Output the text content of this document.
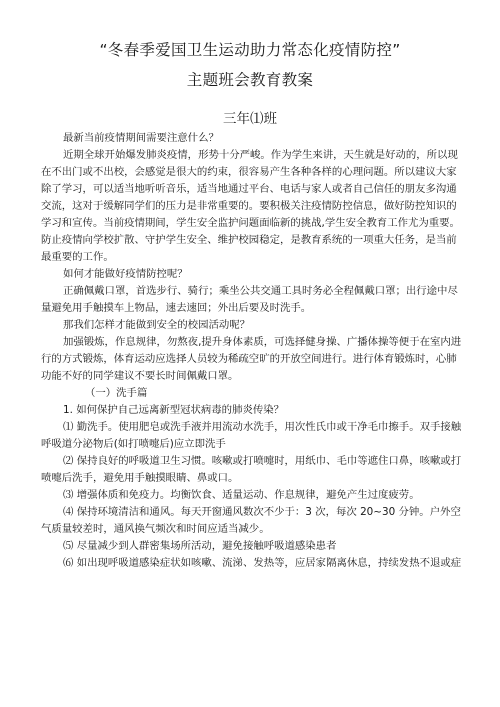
“冬春季爱国卫生运动助力常态化疫情防控”
主题班会教育教案
三年⑴班

最新当前疫情期间需要注意什么？

近期全球开始爆发肺炎疫情，形势十分严峻。作为学生来讲，天生就是好动的，所以现在不出门或不出校，会感觉是很大的约束，很容易产生各种各样的心理问题。所以建议大家除了学习，可以适当地听听音乐，适当地通过平台、电话与家人或者自己信任的朋友多沟通交流，这对于缓解同学们的压力是非常重要的。要积极关注疫情防控信息，做好防控知识的学习和宣传。当前疫情期间，学生安全监护问题面临新的挑战,学生安全教育工作尤为重要。防止疫情向学校扩散、守护学生安全、维护校园稳定，是教育系统的一项重大任务，是当前最重要的工作。

如何才能做好疫情防控呢？

正确佩戴口罩，首选步行、骑行；乘坐公共交通工具时务必全程佩戴口罩；出行途中尽量避免用手触摸车上物品，速去速回；外出后要及时洗手。

那我们怎样才能做到安全的校园活动呢？

加强锻炼，作息规律，勿熬夜,提升身体素质，可选择健身操、广播体操等便于在室内进行的方式锻炼，体育运动应选择人员较为稀疏空旷的开放空间进行。进行体育锻炼时，心肺功能不好的同学建议不要长时间佩戴口罩。

（一）洗手篇

1. 如何保护自己远离新型冠状病毒的肺炎传染？

⑴ 勤洗手。使用肥皂或洗手液并用流动水洗手，用次性氏巾或干净毛巾擦手。双手接触呼吸道分泌物后(如打喷嚏后)应立即洗手

⑵ 保持良好的呼吸道卫生习惯。咳嗽或打喷嚏时，用纸巾、毛巾等遮住口鼻，咳嗽或打喷嚏后洗手，避免用手触摸眼睛、鼻或口。

⑶ 增强体质和免疫力。均衡饮食、适量运动、作息规律，避免产生过度疲劳。

⑷ 保持环境清洁和通风。每天开窗通风数次不少于：3 次，每次 20~30 分钟。户外空气质量较差时，通风换气频次和时间应适当减少。

⑸ 尽量减少到人群密集场所活动，避免接触呼吸道感染患者

⑹ 如出现呼吸道感染症状如咳嗽、流涕、发热等，应居家隔离休息，持续发热不退或症
